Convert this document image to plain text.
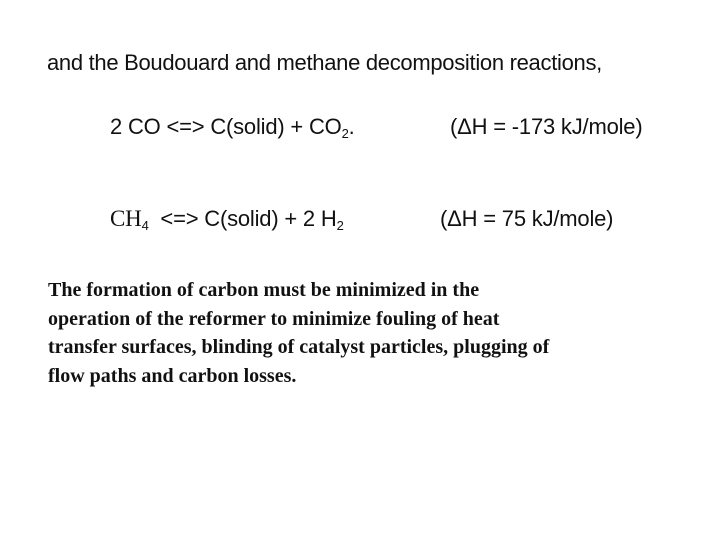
and the Boudouard and methane decomposition reactions,
2 CO <=> C(solid) + $CO_2$.	(ΔH = -173 kJ/mole)
$CH_4$  <=> C(solid) + 2 $H_2$	(ΔH = 75 kJ/mole)
The formation of carbon must be minimized in the
operation of the reformer to minimize fouling of heat
transfer surfaces, blinding of catalyst particles, plugging of
flow paths and carbon losses.
